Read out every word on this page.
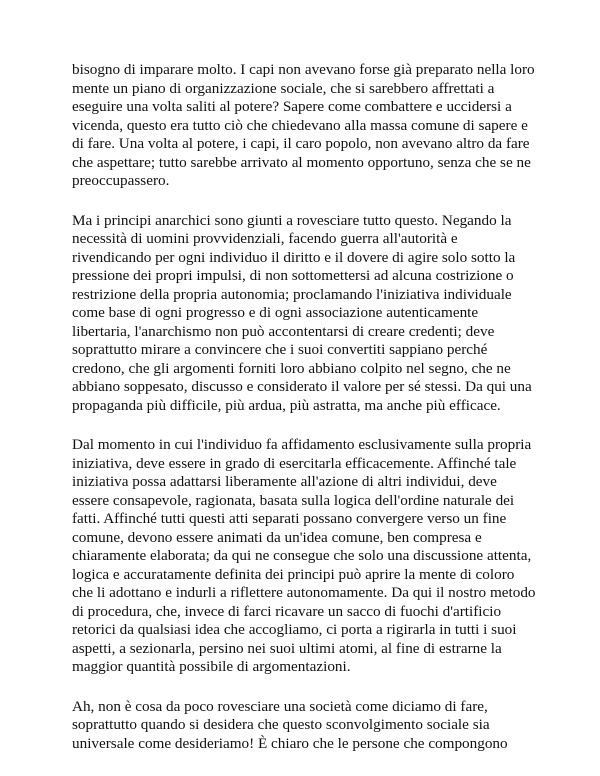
bisogno di imparare molto. I capi non avevano forse già preparato nella loro
mente un piano di organizzazione sociale, che si sarebbero affrettati a
eseguire una volta saliti al potere? Sapere come combattere e uccidersi a
vicenda, questo era tutto ciò che chiedevano alla massa comune di sapere e
di fare. Una volta al potere, i capi, il caro popolo, non avevano altro da fare
che aspettare; tutto sarebbe arrivato al momento opportuno, senza che se ne
preoccupassero.

Ma i principi anarchici sono giunti a rovesciare tutto questo. Negando la
necessità di uomini provvidenziali, facendo guerra all'autorità e
rivendicando per ogni individuo il diritto e il dovere di agire solo sotto la
pressione dei propri impulsi, di non sottomettersi ad alcuna costrizione o
restrizione della propria autonomia; proclamando l'iniziativa individuale
come base di ogni progresso e di ogni associazione autenticamente
libertaria, l'anarchismo non può accontentarsi di creare credenti; deve
soprattutto mirare a convincere che i suoi convertiti sappiano perché
credono, che gli argomenti forniti loro abbiano colpito nel segno, che ne
abbiano soppesato, discusso e considerato il valore per sé stessi. Da qui una
propaganda più difficile, più ardua, più astratta, ma anche più efficace.

Dal momento in cui l'individuo fa affidamento esclusivamente sulla propria
iniziativa, deve essere in grado di esercitarla efficacemente. Affinché tale
iniziativa possa adattarsi liberamente all'azione di altri individui, deve
essere consapevole, ragionata, basata sulla logica dell'ordine naturale dei
fatti. Affinché tutti questi atti separati possano convergere verso un fine
comune, devono essere animati da un'idea comune, ben compresa e
chiaramente elaborata; da qui ne consegue che solo una discussione attenta,
logica e accuratamente definita dei principi può aprire la mente di coloro
che li adottano e indurli a riflettere autonomamente. Da qui il nostro metodo
di procedura, che, invece di farci ricavare un sacco di fuochi d'artificio
retorici da qualsiasi idea che accogliamo, ci porta a rigirarla in tutti i suoi
aspetti, a sezionarla, persino nei suoi ultimi atomi, al fine di estrarne la
maggior quantità possibile di argomentazioni.

Ah, non è cosa da poco rovesciare una società come diciamo di fare,
soprattutto quando si desidera che questo sconvolgimento sociale sia
universale come desideriamo! È chiaro che le persone che compongono
